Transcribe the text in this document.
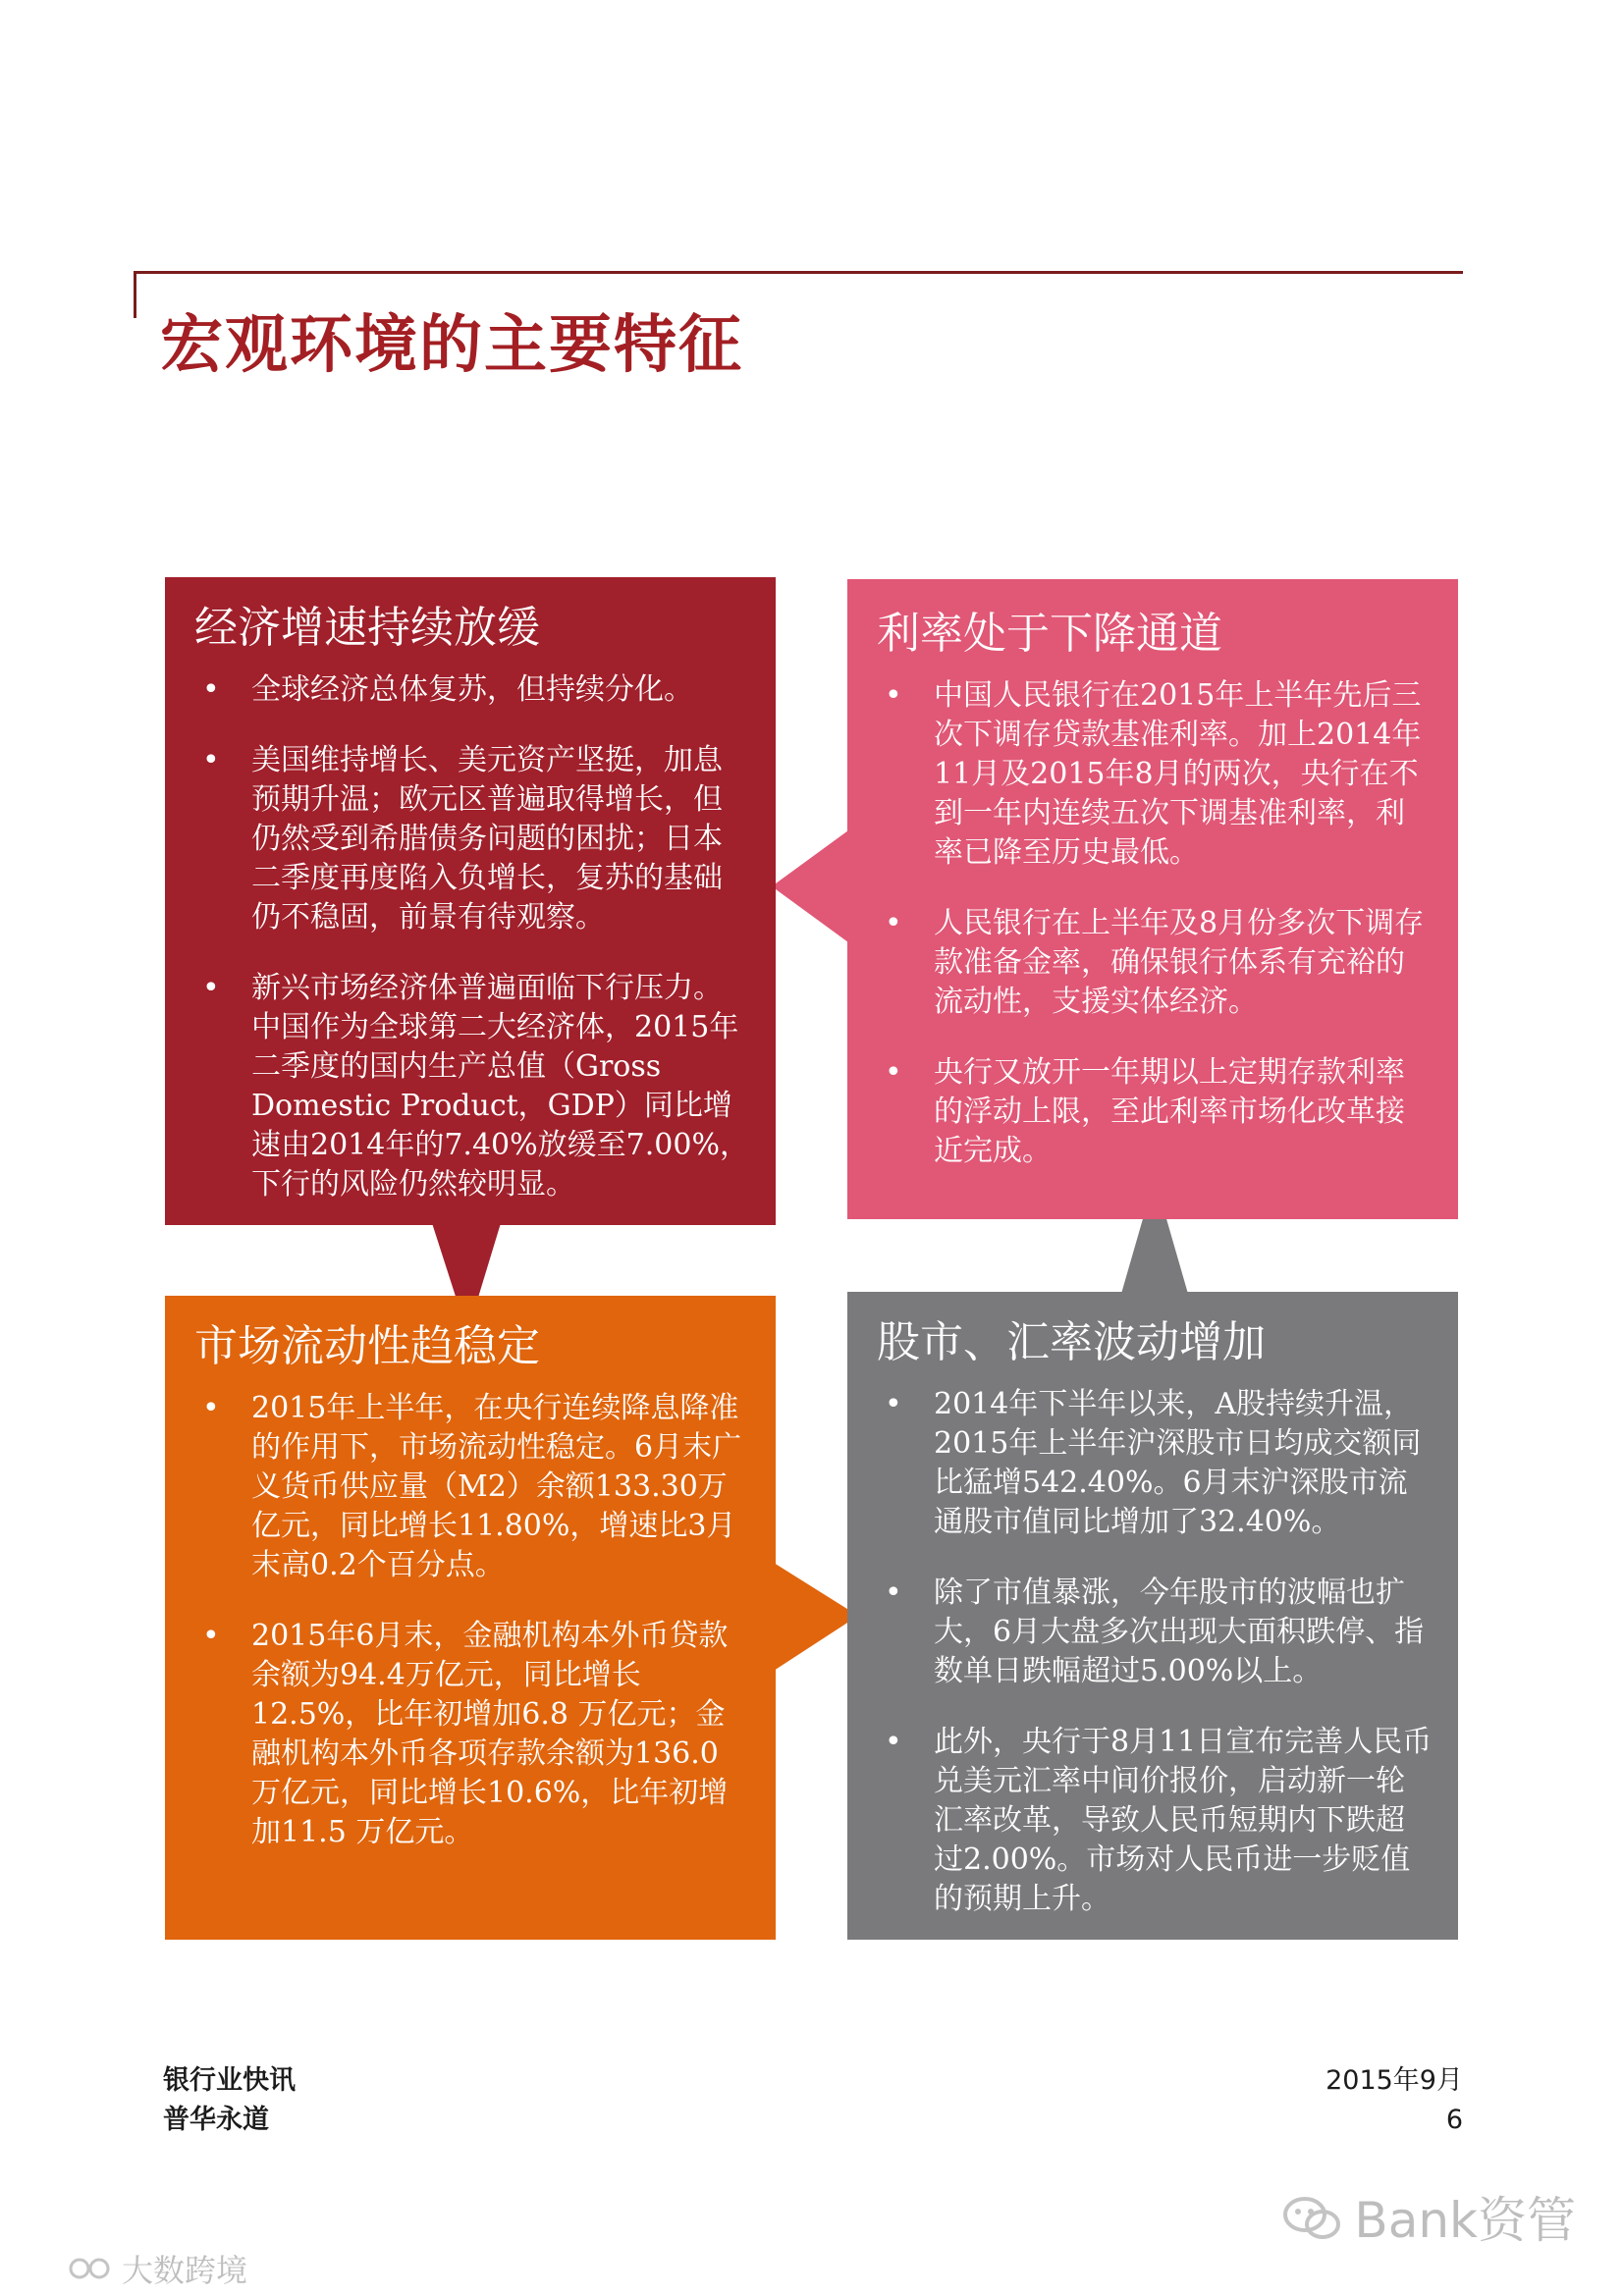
宏观环境的主要特征
经济增速持续放缓
• 全球经济总体复苏，但持续分化。
• 美国维持增长、美元资产坚挺，加息预期升温；欧元区普遍取得增长，但仍然受到希腊债务问题的困扰；日本二季度再度陷入负增长，复苏的基础仍不稳固，前景有待观察。
• 新兴市场经济体普遍面临下行压力。中国作为全球第二大经济体，2015年二季度的国内生产总值（Gross Domestic Product，GDP）同比增速由2014年的7.40%放缓至7.00%，下行的风险仍然较明显。
利率处于下降通道
• 中国人民银行在2015年上半年先后三次下调存贷款基准利率。加上2014年11月及2015年8月的两次，央行在不到一年内连续五次下调基准利率，利率已降至历史最低。
• 人民银行在上半年及8月份多次下调存款准备金率，确保银行体系有充裕的流动性，支援实体经济。
• 央行又放开一年期以上定期存款利率的浮动上限，至此利率市场化改革接近完成。
市场流动性趋稳定
• 2015年上半年，在央行连续降息降准的作用下，市场流动性稳定。6月末广义货币供应量（M2）余额133.30万亿元，同比增长11.80%，增速比3月末高0.2个百分点。
• 2015年6月末，金融机构本外币贷款余额为94.4万亿元，同比增长12.5%，比年初增加6.8 万亿元；金融机构本外币各项存款余额为136.0 万亿元，同比增长10.6%，比年初增加11.5 万亿元。
股市、汇率波动增加
• 2014年下半年以来，A股持续升温，2015年上半年沪深股市日均成交额同比猛增542.40%。6月末沪深股市流通股市值同比增加了32.40%。
• 除了市值暴涨，今年股市的波幅也扩大，6月大盘多次出现大面积跌停、指数单日跌幅超过5.00%以上。
• 此外，央行于8月11日宣布完善人民币兑美元汇率中间价报价，启动新一轮汇率改革，导致人民币短期内下跌超过2.00%。市场对人民币进一步贬值的预期上升。
银行业快讯
普华永道
2015年9月
6
Bank资管
大数跨境
